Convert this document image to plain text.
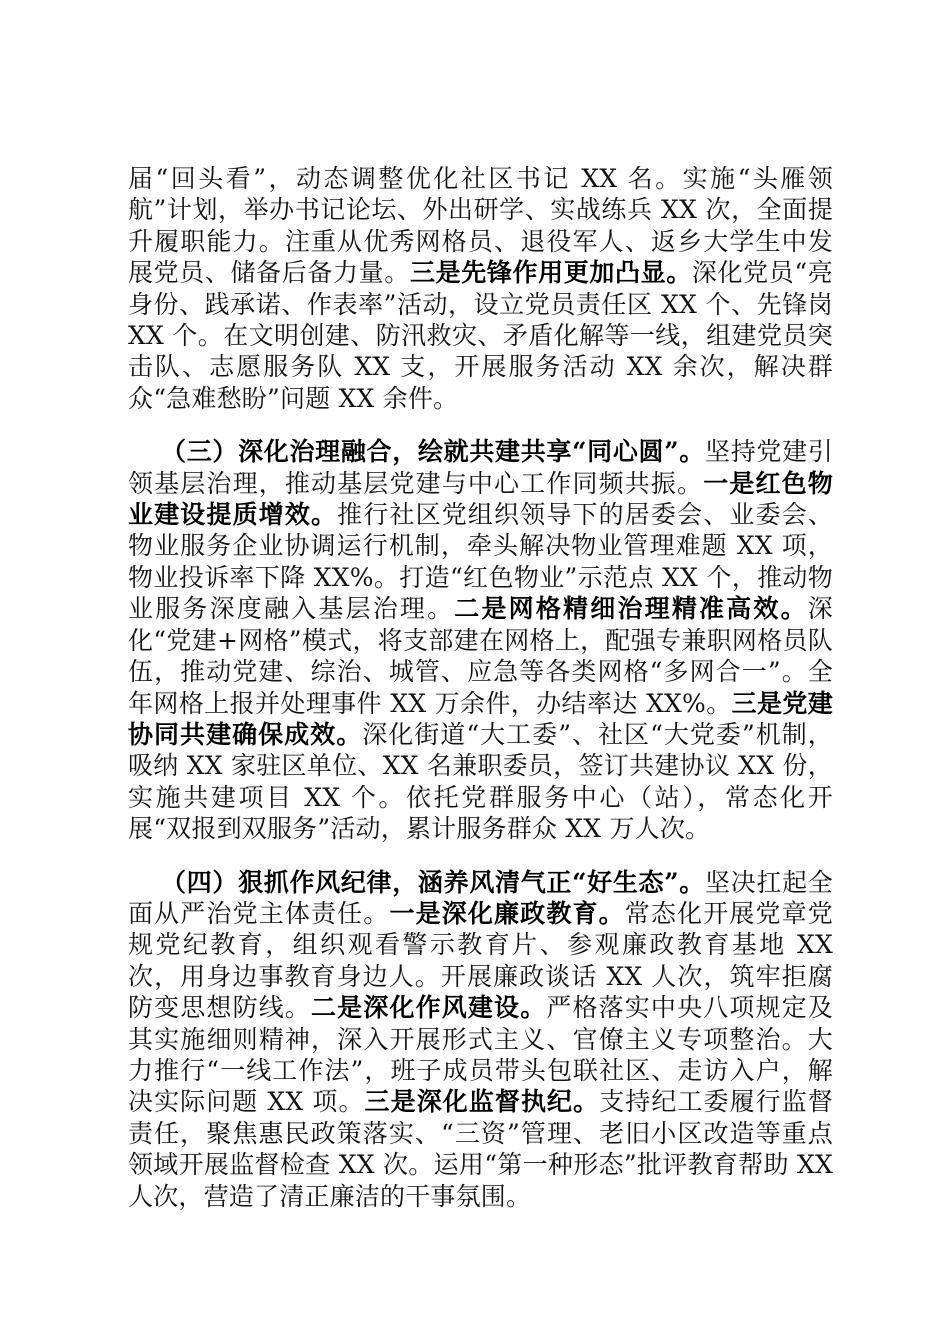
届“回头看”，动态调整优化社区书记 XX 名。实施“头雁领航”计划，举办书记论坛、外出研学、实战练兵 XX 次，全面提升履职能力。注重从优秀网格员、退役军人、返乡大学生中发展党员、储备后备力量。三是先锋作用更加凸显。深化党员“亮身份、践承诺、作表率”活动，设立党员责任区 XX 个、先锋岗 XX 个。在文明创建、防汛救灾、矛盾化解等一线，组建党员突击队、志愿服务队 XX 支，开展服务活动 XX 余次，解决群众“急难愁盼”问题 XX 余件。

（三）深化治理融合，绘就共建共享“同心圆”。坚持党建引领基层治理，推动基层党建与中心工作同频共振。一是红色物业建设提质增效。推行社区党组织领导下的居委会、业委会、物业服务企业协调运行机制，牵头解决物业管理难题 XX 项，物业投诉率下降 XX%。打造“红色物业”示范点 XX 个，推动物业服务深度融入基层治理。二是网格精细治理精准高效。深化“党建+网格”模式，将支部建在网格上，配强专兼职网格员队伍，推动党建、综治、城管、应急等各类网格“多网合一”。全年网格上报并处理事件 XX 万余件，办结率达 XX%。三是党建协同共建确保成效。深化街道“大工委”、社区“大党委”机制，吸纳 XX 家驻区单位、XX 名兼职委员，签订共建协议 XX 份，实施共建项目 XX 个。依托党群服务中心（站），常态化开展“双报到双服务”活动，累计服务群众 XX 万人次。

（四）狠抓作风纪律，涵养风清气正“好生态”。坚决扛起全面从严治党主体责任。一是深化廉政教育。常态化开展党章党规党纪教育，组织观看警示教育片、参观廉政教育基地 XX 次，用身边事教育身边人。开展廉政谈话 XX 人次，筑牢拒腐防变思想防线。二是深化作风建设。严格落实中央八项规定及其实施细则精神，深入开展形式主义、官僚主义专项整治。大力推行“一线工作法”，班子成员带头包联社区、走访入户，解决实际问题 XX 项。三是深化监督执纪。支持纪工委履行监督责任，聚焦惠民政策落实、“三资”管理、老旧小区改造等重点领域开展监督检查 XX 次。运用“第一种形态”批评教育帮助 XX 人次，营造了清正廉洁的干事氛围。
